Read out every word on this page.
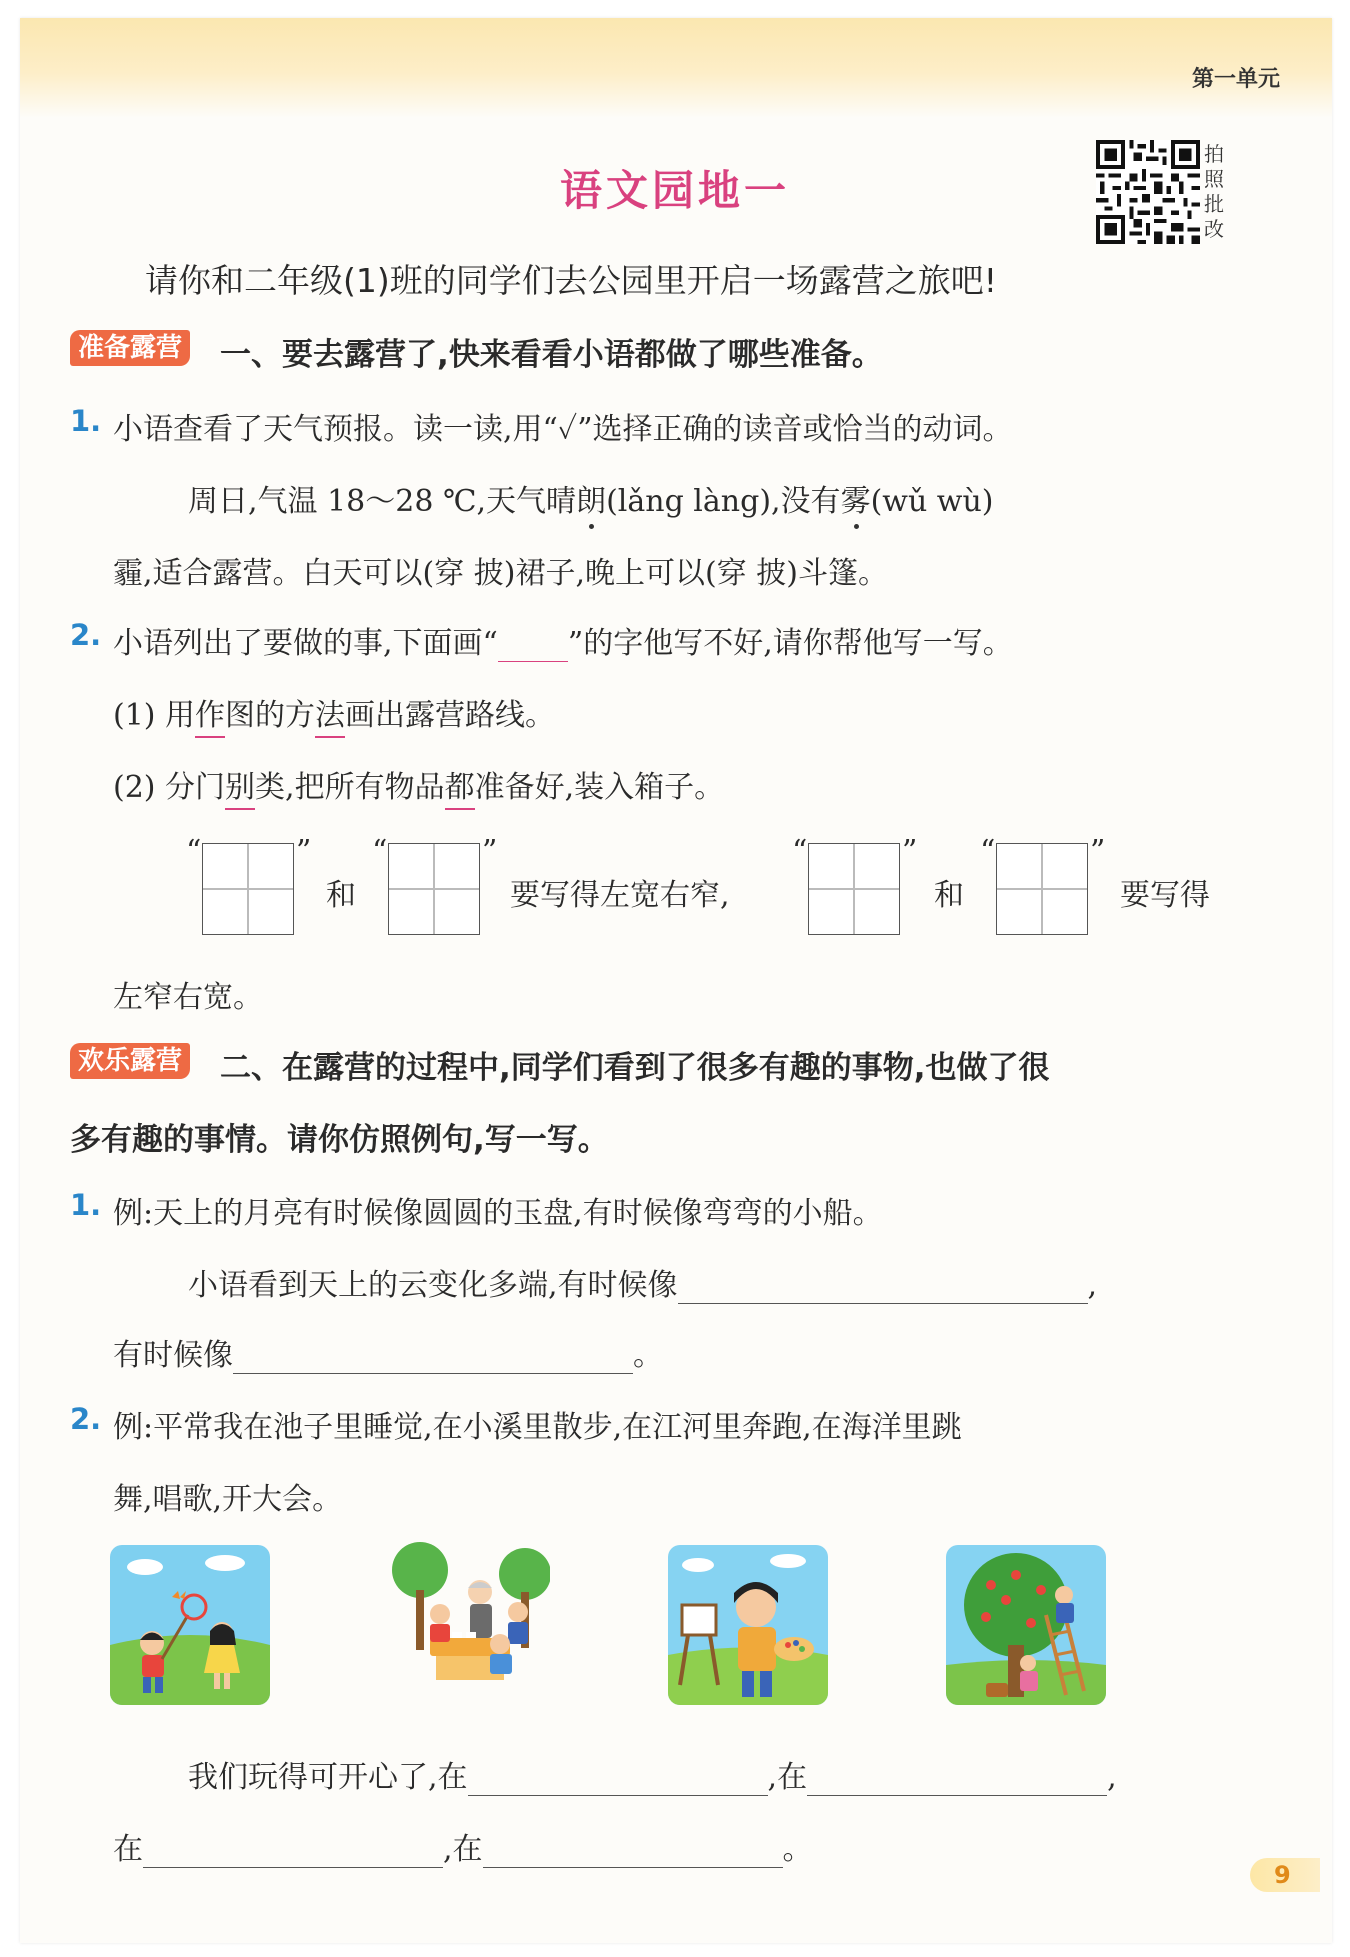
第一单元
语文园地一
拍照批改
请你和二年级(1)班的同学们去公园里开启一场露营之旅吧!
准备露营 一、要去露营了,快来看看小语都做了哪些准备。
1. 小语查看了天气预报。读一读,用“✓”选择正确的读音或恰当的动词。
周日,气温 18～28 ℃,天气晴朗(lǎng làng),没有雾(wǔ wù)
霾,适合露营。白天可以(穿 披)裙子,晚上可以(穿 披)斗篷。
2. 小语列出了要做的事,下面画“ ”的字他写不好,请你帮他写一写。
(1) 用作图的方法画出露营路线。
(2) 分门别类,把所有物品都准备好,装入箱子。
“	”
和
“	”
要写得左宽右窄,
“	”
和
“	”
要写得
左窄右宽。
欢乐露营 二、在露营的过程中,同学们看到了很多有趣的事物,也做了很
多有趣的事情。请你仿照例句,写一写。
1. 例:天上的月亮有时候像圆圆的玉盘,有时候像弯弯的小船。
小语看到天上的云变化多端,有时候像	,
有时候像	。
2. 例:平常我在池子里睡觉,在小溪里散步,在江河里奔跑,在海洋里跳
舞,唱歌,开大会。
我们玩得可开心了,在	,在	,
在	,在	。
9
